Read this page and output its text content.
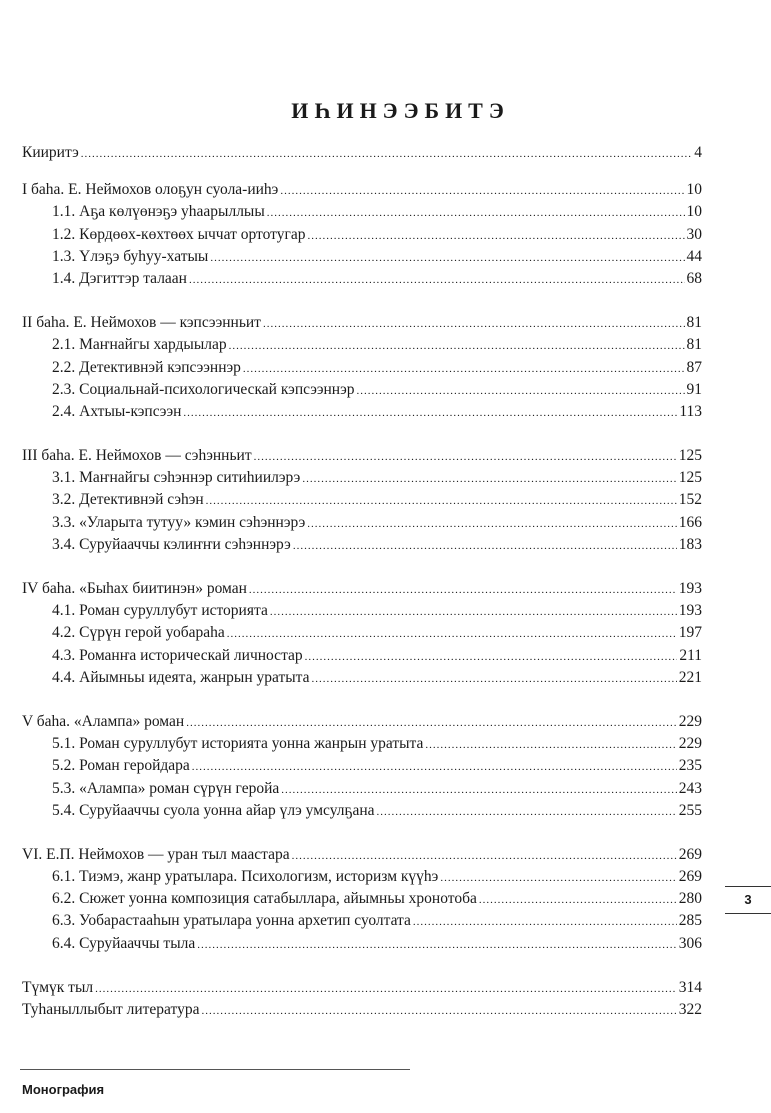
ИҺИНЭЭБИТЭ
Кииритэ .....	4
I баһа. Е. Неймохов олоҕун суола-ииһэ .....	10
1.1. Аҕа көлүөнэҕэ уһаарыллыы .....	10
1.2. Көрдөөх-көхтөөх ыччат ортотугар .....	30
1.3. Үлэҕэ буһуу-хатыы .....	44
1.4. Дэгиттэр талаан .....	68
II баһа. Е. Неймохов — кэпсээнньит .....	81
2.1. Маҥнайгы хардыылар .....	81
2.2. Детективнэй кэпсээннэр .....	87
2.3. Социальнай-психологическай кэпсээннэр .....	91
2.4. Ахтыы-кэпсээн .....	113
III баһа. Е. Неймохов — сэһэнньит .....	125
3.1. Маҥнайгы сэһэннэр ситиһиилэрэ .....	125
3.2. Детективнэй сэһэн .....	152
3.3. «Уларыта тутуу» кэмин сэһэннэрэ .....	166
3.4. Суруйааччы кэлиҥҥи сэһэннэрэ .....	183
IV баһа. «Быһах биитинэн» роман .....	193
4.1. Роман суруллубут историята .....	193
4.2. Сүрүн герой уобараһа .....	197
4.3. Романҥа историческай личностар .....	211
4.4. Айымньы идеята, жанрын уратыта .....	221
V баһа. «Алампа» роман .....	229
5.1. Роман суруллубут историята уонна жанрын уратыта .....	229
5.2. Роман геройдара .....	235
5.3. «Алампа» роман сүрүн геройа .....	243
5.4. Суруйааччы суола уонна айар үлэ умсулҕана .....	255
VI. Е.П. Неймохов — уран тыл маастара .....	269
6.1. Тиэмэ, жанр уратылара. Психологизм, историзм күүһэ .....	269
6.2. Сюжет уонна композиция сатабыллара, айымньы хронотоба .....	280
6.3. Уобарастааһын уратылара уонна архетип суолтата .....	285
6.4. Суруйааччы тыла .....	306
Түмүк тыл .....	314
Туһаныллыбыт литература .....	322
3
Монография
